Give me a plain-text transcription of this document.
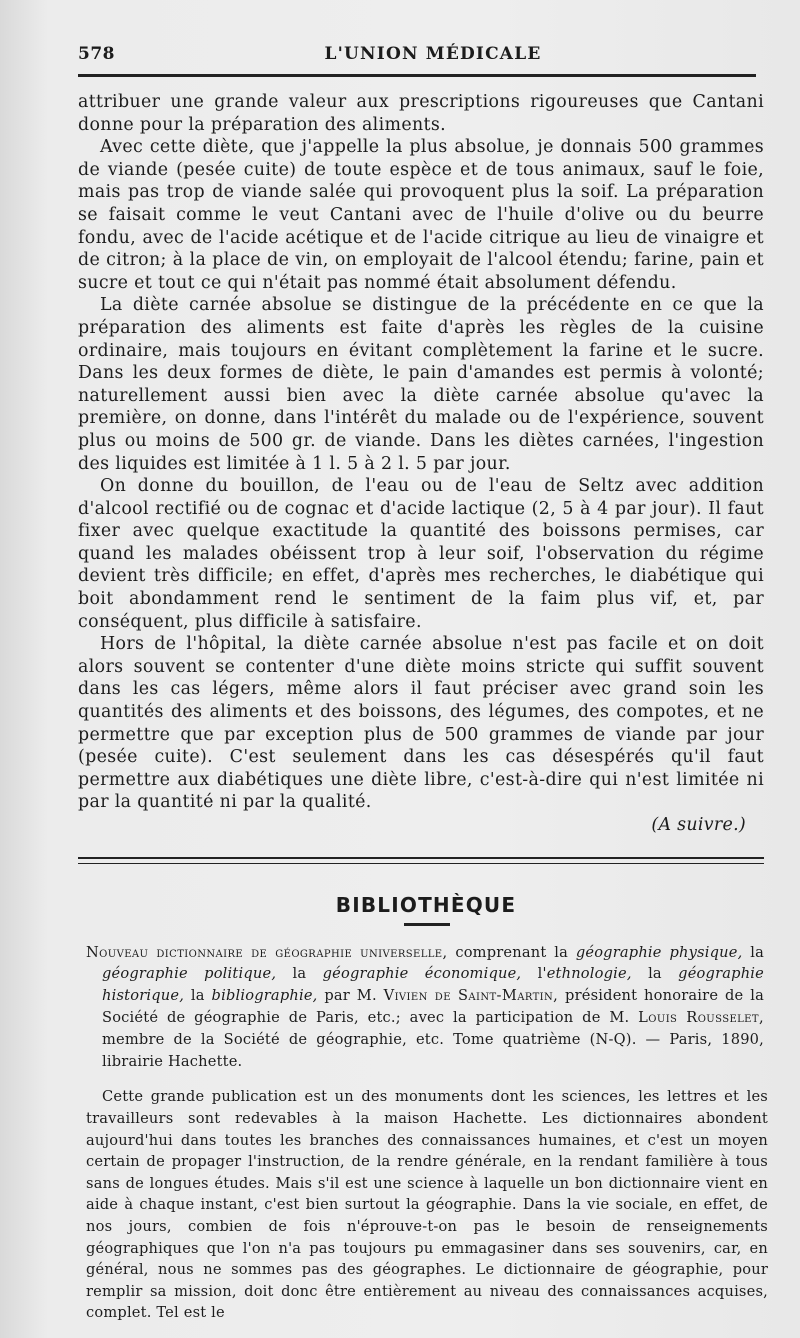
578	L'UNION MÉDICALE

attribuer une grande valeur aux prescriptions rigoureuses que Cantani donne pour la préparation des aliments.

Avec cette diète, que j'appelle la plus absolue, je donnais 500 grammes de viande (pesée cuite) de toute espèce et de tous animaux, sauf le foie, mais pas trop de viande salée qui provoquent plus la soif. La préparation se faisait comme le veut Cantani avec de l'huile d'olive ou du beurre fondu, avec de l'acide acétique et de l'acide citrique au lieu de vinaigre et de citron; à la place de vin, on employait de l'alcool étendu; farine, pain et sucre et tout ce qui n'était pas nommé était absolument défendu.

La diète carnée absolue se distingue de la précédente en ce que la préparation des aliments est faite d'après les règles de la cuisine ordinaire, mais toujours en évitant complètement la farine et le sucre. Dans les deux formes de diète, le pain d'amandes est permis à volonté; naturellement aussi bien avec la diète carnée absolue qu'avec la première, on donne, dans l'intérêt du malade ou de l'expérience, souvent plus ou moins de 500 gr. de viande. Dans les diètes carnées, l'ingestion des liquides est limitée à 1 l. 5 à 2 l. 5 par jour.

On donne du bouillon, de l'eau ou de l'eau de Seltz avec addition d'alcool rectifié ou de cognac et d'acide lactique (2, 5 à 4 par jour). Il faut fixer avec quelque exactitude la quantité des boissons permises, car quand les malades obéissent trop à leur soif, l'observation du régime devient très difficile; en effet, d'après mes recherches, le diabétique qui boit abondamment rend le sentiment de la faim plus vif, et, par conséquent, plus difficile à satisfaire.

Hors de l'hôpital, la diète carnée absolue n'est pas facile et on doit alors souvent se contenter d'une diète moins stricte qui suffit souvent dans les cas légers, même alors il faut préciser avec grand soin les quantités des aliments et des boissons, des légumes, des compotes, et ne permettre que par exception plus de 500 grammes de viande par jour (pesée cuite). C'est seulement dans les cas désespérés qu'il faut permettre aux diabétiques une diète libre, c'est-à-dire qui n'est limitée ni par la quantité ni par la qualité.

(A suivre.)
BIBLIOTHÈQUE
Nouveau dictionnaire de géographie universelle, comprenant la géographie physique, la géographie politique, la géographie économique, l'ethnologie, la géographie historique, la bibliographie, par M. Vivien de Saint-Martin, président honoraire de la Société de géographie de Paris, etc.; avec la participation de M. Louis Rousselet, membre de la Société de géographie, etc. Tome quatrième (N-Q). — Paris, 1890, librairie Hachette.

Cette grande publication est un des monuments dont les sciences, les lettres et les travailleurs sont redevables à la maison Hachette. Les dictionnaires abondent aujourd'hui dans toutes les branches des connaissances humaines, et c'est un moyen certain de propager l'instruction, de la rendre générale, en la rendant familière à tous sans de longues études. Mais s'il est une science à laquelle un bon dictionnaire vient en aide à chaque instant, c'est bien surtout la géographie. Dans la vie sociale, en effet, de nos jours, combien de fois n'éprouve-t-on pas le besoin de renseignements géographiques que l'on n'a pas toujours pu emmagasiner dans ses souvenirs, car, en général, nous ne sommes pas des géographes. Le dictionnaire de géographie, pour remplir sa mission, doit donc être entièrement au niveau des connaissances acquises, complet. Tel est le
